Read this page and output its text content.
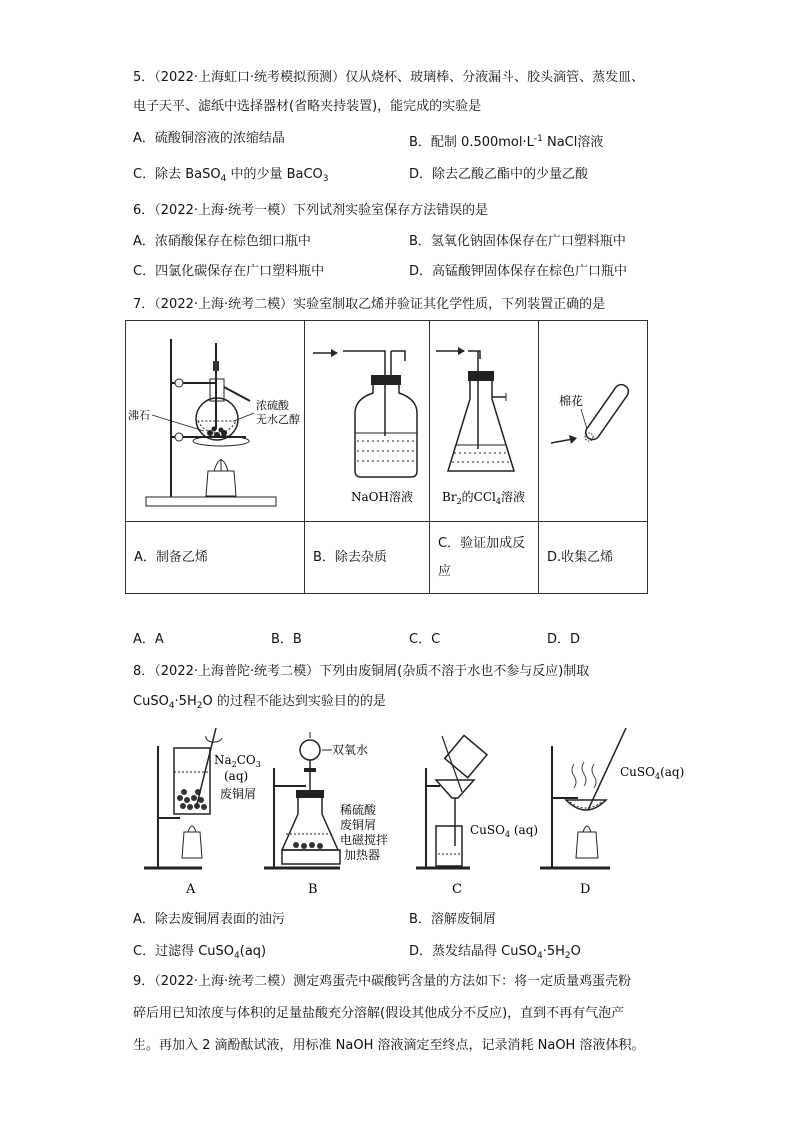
5．（2022·上海虹口·统考模拟预测）仅从烧杯、玻璃棒、分液漏斗、胶头滴管、蒸发皿、
电子天平、滤纸中选择器材(省略夹持装置)，能完成的实验是
A．硫酸铜溶液的浓缩结晶	B．配制 $0.500mol\cdot L^{-1}$ NaCl溶液
C．除去 BaSO$_4$ 中的少量 BaCO$_3$	D．除去乙酸乙酯中的少量乙酸
6．（2022·上海·统考一模）下列试剂实验室保存方法错误的是
A．浓硝酸保存在棕色细口瓶中	B．氢氧化钠固体保存在广口塑料瓶中
C．四氯化碳保存在广口塑料瓶中	D．高锰酸钾固体保存在棕色广口瓶中
7．（2022·上海·统考二模）实验室制取乙烯并验证其化学性质，下列装置正确的是
沸石
浓硫酸
无水乙醇	NaOH溶液	$Br_2$的CCl$_4$溶液	棉花

A．制备乙烯	B．除去杂质	C．验证加成反
应	D.收集乙烯
A．A	B．B	C．C	D．D
8．（2022·上海普陀·统考二模）下列由废铜屑(杂质不溶于水也不参与反应)制取
$CuSO_4\cdot 5H_2O$ 的过程不能达到实验目的的是
$Na_2CO_3$
(aq)
废铜屑
A
双氧水
稀硫酸
废铜屑
电磁搅拌
加热器
B
CuSO$_4$ (aq)
C
CuSO$_4$(aq)
D
A．除去废铜屑表面的油污	B．溶解废铜屑
C．过滤得 CuSO$_4$(aq)	D．蒸发结晶得 $CuSO_4\cdot 5H_2O$
9．（2022·上海·统考二模）测定鸡蛋壳中碳酸钙含量的方法如下：将一定质量鸡蛋壳粉
碎后用已知浓度与体积的足量盐酸充分溶解(假设其他成分不反应)，直到不再有气泡产
生。再加入 2 滴酚酞试液，用标准 NaOH 溶液滴定至终点，记录消耗 NaOH 溶液体积。
